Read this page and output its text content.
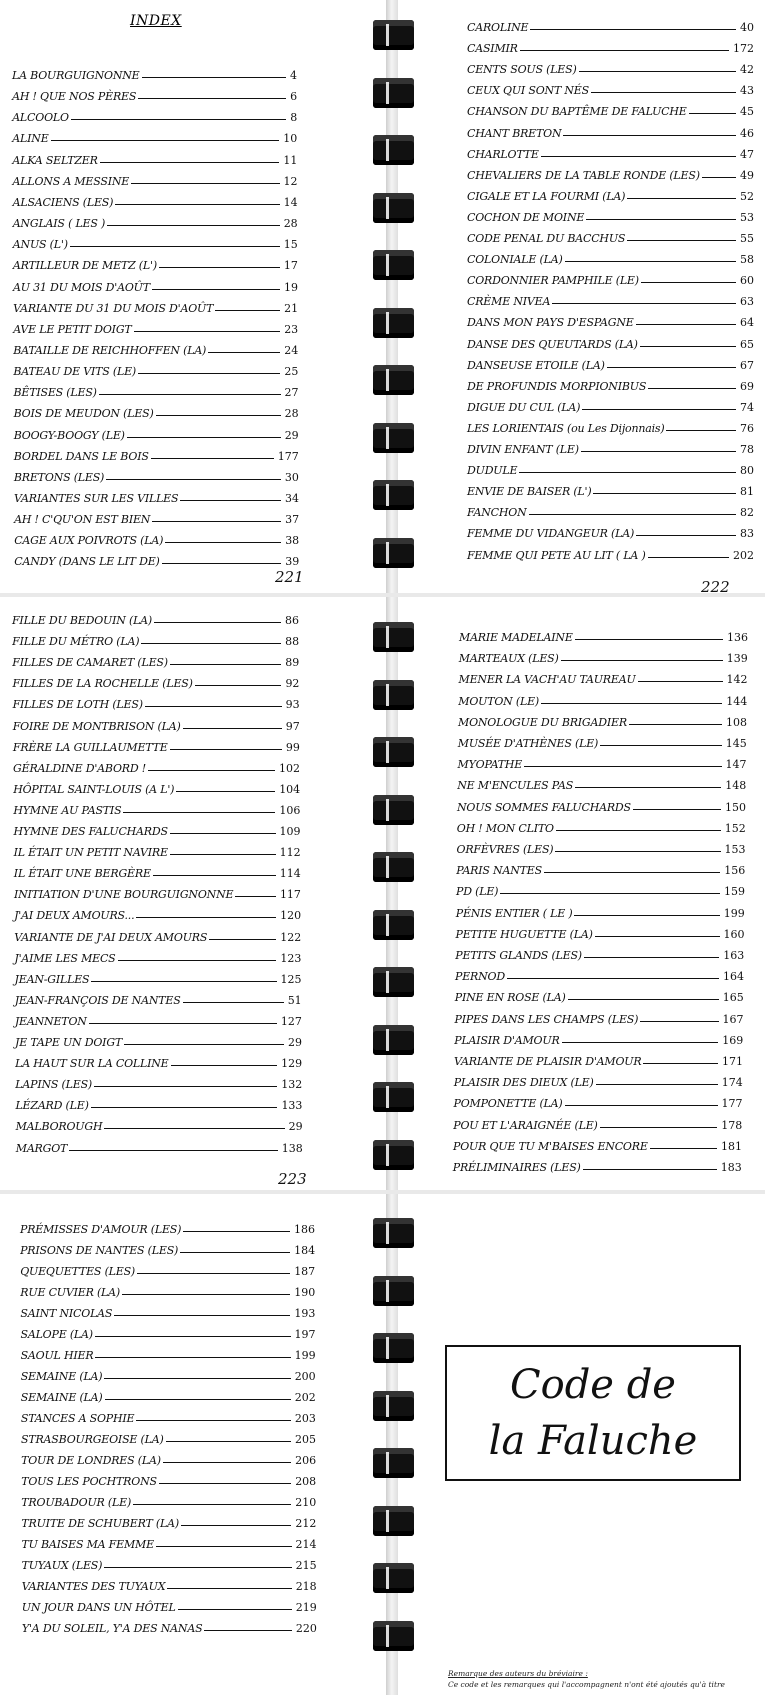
INDEX
LA BOURGUIGNONNE	4
AH ! QUE NOS PÈRES	6
ALCOOLO	8
ALINE	10
ALKA SELTZER	11
ALLONS A MESSINE	12
ALSACIENS (LES)	14
ANGLAIS ( LES )	28
ANUS (L')	15
ARTILLEUR DE METZ (L')	17
AU 31 DU MOIS D'AOÛT	19
VARIANTE DU 31 DU MOIS D'AOÛT	21
AVE LE PETIT DOIGT	23
BATAILLE DE REICHHOFFEN (LA)	24
BATEAU DE VITS (LE)	25
BÊTISES (LES)	27
BOIS DE MEUDON (LES)	28
BOOGY-BOOGY (LE)	29
BORDEL DANS LE BOIS	177
BRETONS (LES)	30
VARIANTES SUR LES VILLES	34
AH ! C'QU'ON EST BIEN	37
CAGE AUX POIVROTS (LA)	38
CANDY (DANS LE LIT DE)	39
221
CAROLINE	40
CASIMIR	172
CENTS SOUS (LES)	42
CEUX QUI SONT NÉS	43
CHANSON DU BAPTÊME DE FALUCHE	45
CHANT BRETON	46
CHARLOTTE	47
CHEVALIERS DE LA TABLE RONDE (LES)	49
CIGALE ET LA FOURMI (LA)	52
COCHON DE MOINE	53
CODE PENAL DU BACCHUS	55
COLONIALE (LA)	58
CORDONNIER PAMPHILE (LE)	60
CRÈME NIVEA	63
DANS MON PAYS D'ESPAGNE	64
DANSE DES QUEUTARDS (LA)	65
DANSEUSE ETOILE (LA)	67
DE PROFUNDIS MORPIONIBUS	69
DIGUE DU CUL (LA)	74
LES LORIENTAIS (ou Les Dijonnais)	76
DIVIN ENFANT (LE)	78
DUDULE	80
ENVIE DE BAISER (L')	81
FANCHON	82
FEMME DU VIDANGEUR (LA)	83
FEMME QUI PETE AU LIT ( LA )	202
222
FILLE DU BEDOUIN (LA)	86
FILLE DU MÉTRO (LA)	88
FILLES DE CAMARET (LES)	89
FILLES DE LA ROCHELLE (LES)	92
FILLES DE LOTH (LES)	93
FOIRE DE MONTBRISON (LA)	97
FRÈRE LA GUILLAUMETTE	99
GÉRALDINE D'ABORD !	102
HÔPITAL SAINT-LOUIS (A L')	104
HYMNE AU PASTIS	106
HYMNE DES FALUCHARDS	109
IL ÉTAIT UN PETIT NAVIRE	112
IL ÉTAIT UNE BERGÈRE	114
INITIATION D'UNE BOURGUIGNONNE	117
J'AI DEUX AMOURS...	120
VARIANTE DE J'AI DEUX AMOURS	122
J'AIME LES MECS	123
JEAN-GILLES	125
JEAN-FRANÇOIS DE NANTES	51
JEANNETON	127
JE TAPE UN DOIGT	29
LA HAUT SUR LA COLLINE	129
LAPINS (LES)	132
LÉZARD (LE)	133
MALBOROUGH	29
MARGOT	138
223
MARIE MADELAINE	136
MARTEAUX (LES)	139
MENER LA VACH'AU TAUREAU	142
MOUTON (LE)	144
MONOLOGUE DU BRIGADIER	108
MUSÉE D'ATHÈNES (LE)	145
MYOPATHE	147
NE M'ENCULES PAS	148
NOUS SOMMES FALUCHARDS	150
OH ! MON CLITO	152
ORFÈVRES (LES)	153
PARIS NANTES	156
PD (LE)	159
PÉNIS ENTIER ( LE )	199
PETITE HUGUETTE (LA)	160
PETITS GLANDS (LES)	163
PERNOD	164
PINE EN ROSE (LA)	165
PIPES DANS LES CHAMPS (LES)	167
PLAISIR D'AMOUR	169
VARIANTE DE PLAISIR D'AMOUR	171
PLAISIR DES DIEUX (LE)	174
POMPONETTE (LA)	177
POU ET L'ARAIGNÉE (LE)	178
POUR QUE TU M'BAISES ENCORE	181
PRÉLIMINAIRES (LES)	183
PRÉMISSES D'AMOUR (LES)	186
PRISONS DE NANTES (LES)	184
QUEQUETTES (LES)	187
RUE CUVIER (LA)	190
SAINT NICOLAS	193
SALOPE (LA)	197
SAOUL HIER	199
SEMAINE (LA)	200
SEMAINE (LA)	202
STANCES A SOPHIE	203
STRASBOURGEOISE (LA)	205
TOUR DE LONDRES (LA)	206
TOUS LES POCHTRONS	208
TROUBADOUR (LE)	210
TRUITE DE SCHUBERT (LA)	212
TU BAISES MA FEMME	214
TUYAUX (LES)	215
VARIANTES DES TUYAUX	218
UN JOUR DANS UN HÔTEL	219
Y'A DU SOLEIL, Y'A DES NANAS	220
Code de
la Faluche
Remarque des auteurs du bréviaire :
Ce code et les remarques qui l'accompagnent n'ont été ajoutés qu'à titre
